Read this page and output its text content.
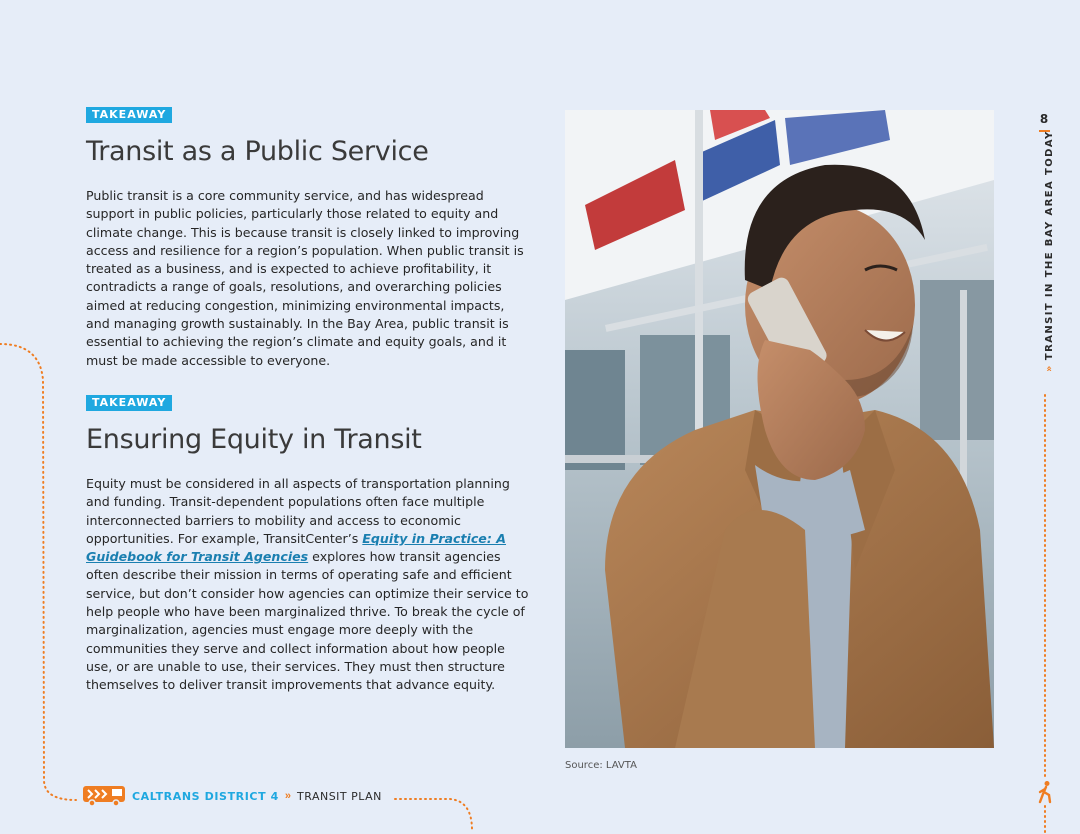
TAKEAWAY
Transit as a Public Service

Public transit is a core community service, and has widespread support in public policies, particularly those related to equity and climate change. This is because transit is closely linked to improving access and resilience for a region’s population. When public transit is treated as a business, and is expected to achieve profitability, it contradicts a range of goals, resolutions, and overarching policies aimed at reducing congestion, minimizing environmental impacts, and managing growth sustainably. In the Bay Area, public transit is essential to achieving the region’s climate and equity goals, and it must be made accessible to everyone.

TAKEAWAY
Ensuring Equity in Transit

Equity must be considered in all aspects of transportation planning and funding. Transit-dependent populations often face multiple interconnected barriers to mobility and access to economic opportunities. For example, TransitCenter’s Equity in Practice: A Guidebook for Transit Agencies explores how transit agencies often describe their mission in terms of operating safe and efficient service, but don’t consider how agencies can optimize their service to help people who have been marginalized thrive. To break the cycle of marginalization, agencies must engage more deeply with the communities they serve and collect information about how people use, or are unable to use, their services. They must then structure themselves to deliver transit improvements that advance equity.

Source: LAVTA
8
»TRANSIT IN THE BAY AREA TODAY
CALTRANS DISTRICT 4 » TRANSIT PLAN
